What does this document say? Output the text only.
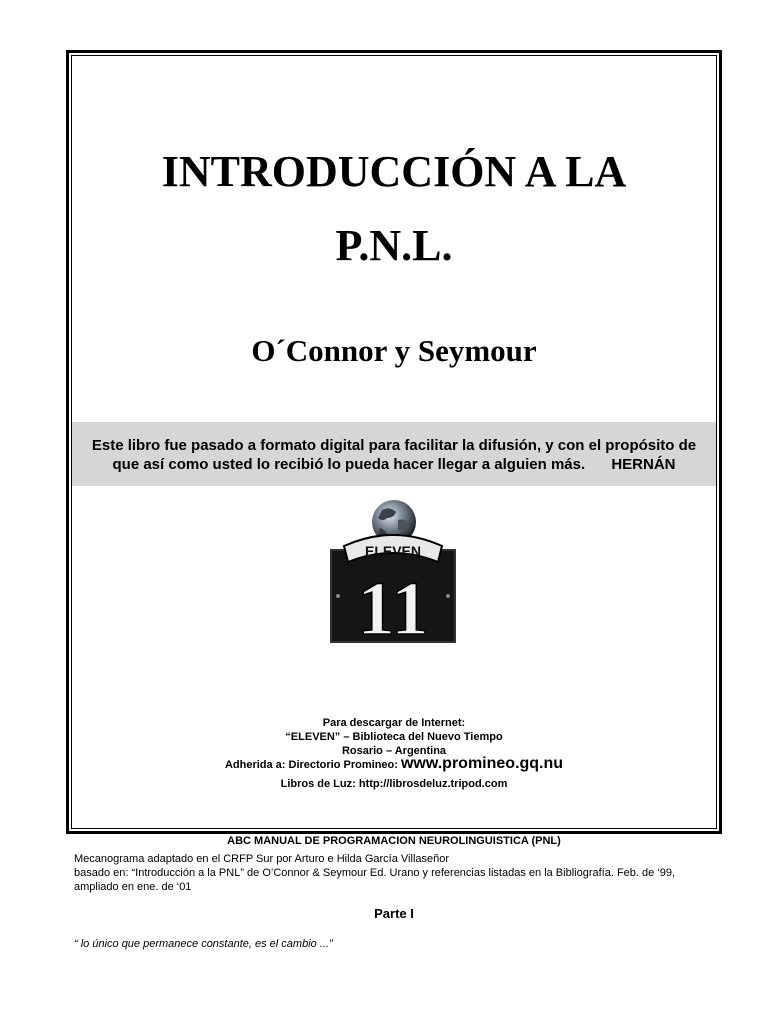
INTRODUCCIÓN A LA
P.N.L.
O´Connor y Seymour
Este libro fue pasado a formato digital para facilitar la difusión, y con el propósito de que así como usted lo recibió lo pueda hacer llegar a alguien más. HERNÁN
ELEVEN
11
Para descargar de Internet:
“ELEVEN” – Biblioteca del Nuevo Tiempo
Rosario – Argentina
Adherida a: Directorio Promineo: www.promineo.gq.nu
Libros de Luz: http://librosdeluz.tripod.com
ABC MANUAL DE PROGRAMACION NEUROLINGUISTICA (PNL)
Mecanograma adaptado en el CRFP Sur por Arturo e Hilda García Villaseñor
basado en: “Introducción a la PNL” de O’Connor & Seymour Ed. Urano y referencias listadas en la Bibliografía. Feb. de ‘99,
ampliado en ene. de ‘01
Parte I
“ lo único que permanece constante, es el cambio ...”
